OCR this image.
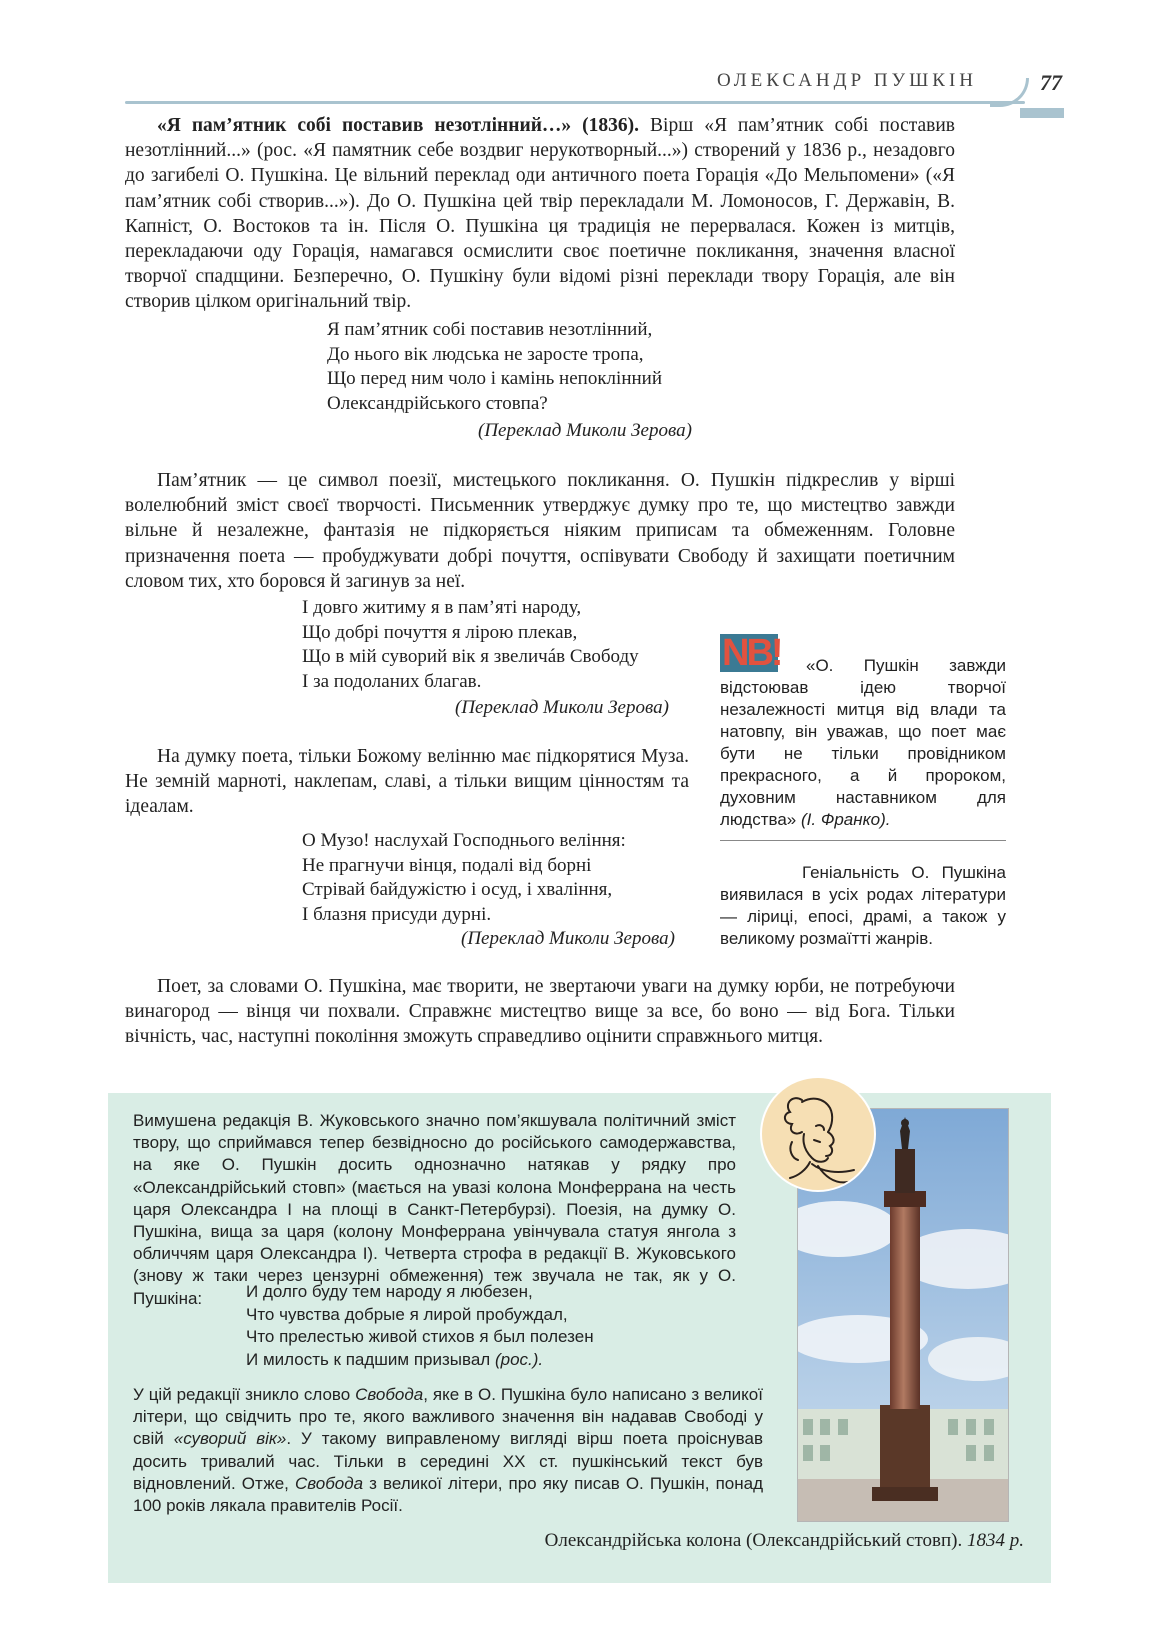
ОЛЕКСАНДР ПУШКІН	77

«Я пам’ятник собі поставив незотлінний…» (1836). Вірш «Я пам’ятник собі поставив незотлінний...» (рос. «Я памятник себе воздвиг нерукотворный...») створений у 1836 р., незадовго до загибелі О. Пушкіна. Це вільний переклад оди античного поета Горація «До Мельпомени» («Я пам’ятник собі створив...»). До О. Пушкіна цей твір перекладали М. Ломоносов, Г. Державін, В. Капніст, О. Востоков та ін. Після О. Пушкіна ця традиція не перервалася. Кожен із митців, перекладаючи оду Горація, намагався осмислити своє поетичне покликання, значення власної творчої спадщини. Безперечно, О. Пушкіну були відомі різні переклади твору Горація, але він створив цілком оригінальний твір.

Я пам’ятник собі поставив незотлінний,
До нього вік людська не заросте тропа,
Що перед ним чоло і камінь непоклінний
Олександрійського стовпа?
(Переклад Миколи Зерова)

Пам’ятник — це символ поезії, мистецького покликання. О. Пушкін підкреслив у вірші волелюбний зміст своєї творчості. Письменник утверджує думку про те, що мистецтво завжди вільне й незалежне, фантазія не підкоряється ніяким приписам та обмеженням. Головне призначення поета — пробуджувати добрі почуття, оспівувати Свободу й захищати поетичним словом тих, хто боровся й загинув за неї.

І довго житиму я в пам’яті народу,
Що добрі почуття я лірою плекав,
Що в мій суворий вік я звеличáв Свободу
І за подоланих благав.
(Переклад Миколи Зерова)

На думку поета, тільки Божому велінню має підкорятися Муза. Не земній марноті, наклепам, славі, а тільки вищим цінностям та ідеалам.

О Музо! наслухай Господнього веління:
Не прагнучи вінця, подалі від борні
Стрівай байдужістю і осуд, і хваління,
І блазня присуди дурні.
(Переклад Миколи Зерова)
NB!	«О. Пушкін завжди відстоював ідею творчої незалежності митця від влади та натовпу, він уважав, що поет має бути не тільки провідником прекрасного, а й пророком, духовним наставником для людства» (І. Франко).
Геніальність О. Пушкіна виявилася в усіх родах літератури — ліриці, епосі, драмі, а також у великому розмаїтті жанрів.

Поет, за словами О. Пушкіна, має творити, не звертаючи уваги на думку юрби, не потребуючи винагород — вінця чи похвали. Справжнє мистецтво вище за все, бо воно — від Бога. Тільки вічність, час, наступні покоління зможуть справедливо оцінити справжнього митця.

Вимушена редакція В. Жуковського значно пом’якшувала політичний зміст твору, що сприймався тепер безвідносно до російського самодержавства, на яке О. Пушкін досить однозначно натякав у рядку про «Олександрійський стовп» (мається на увазі колона Монферрана на честь царя Олександра І на площі в Санкт-Петербурзі). Поезія, на думку О. Пушкіна, вища за царя (колону Монферрана увінчувала статуя янгола з обличчям царя Олександра І). Четверта строфа в редакції В. Жуковського (знову ж таки через цензурні обмеження) теж звучала не так, як у О. Пушкіна:	И долго буду тем народу я любезен,
Что чувства добрые я лирой пробуждал,
Что прелестью живой стихов я был полезен
И милость к падшим призывал (рос.).
У цій редакції зникло слово Свобода, яке в О. Пушкіна було написано з великої літери, що свідчить про те, якого важливого значення він надавав Свободі у свій «суворий вік». У такому виправленому вигляді вірш поета проіснував досить тривалий час. Тільки в середині ХХ ст. пушкінський текст був відновлений. Отже, Свобода з великої літери, про яку писав О. Пушкін, понад 100 років лякала правителів Росії.
Олександрійська колона (Олександрійський стовп). 1834 р.
